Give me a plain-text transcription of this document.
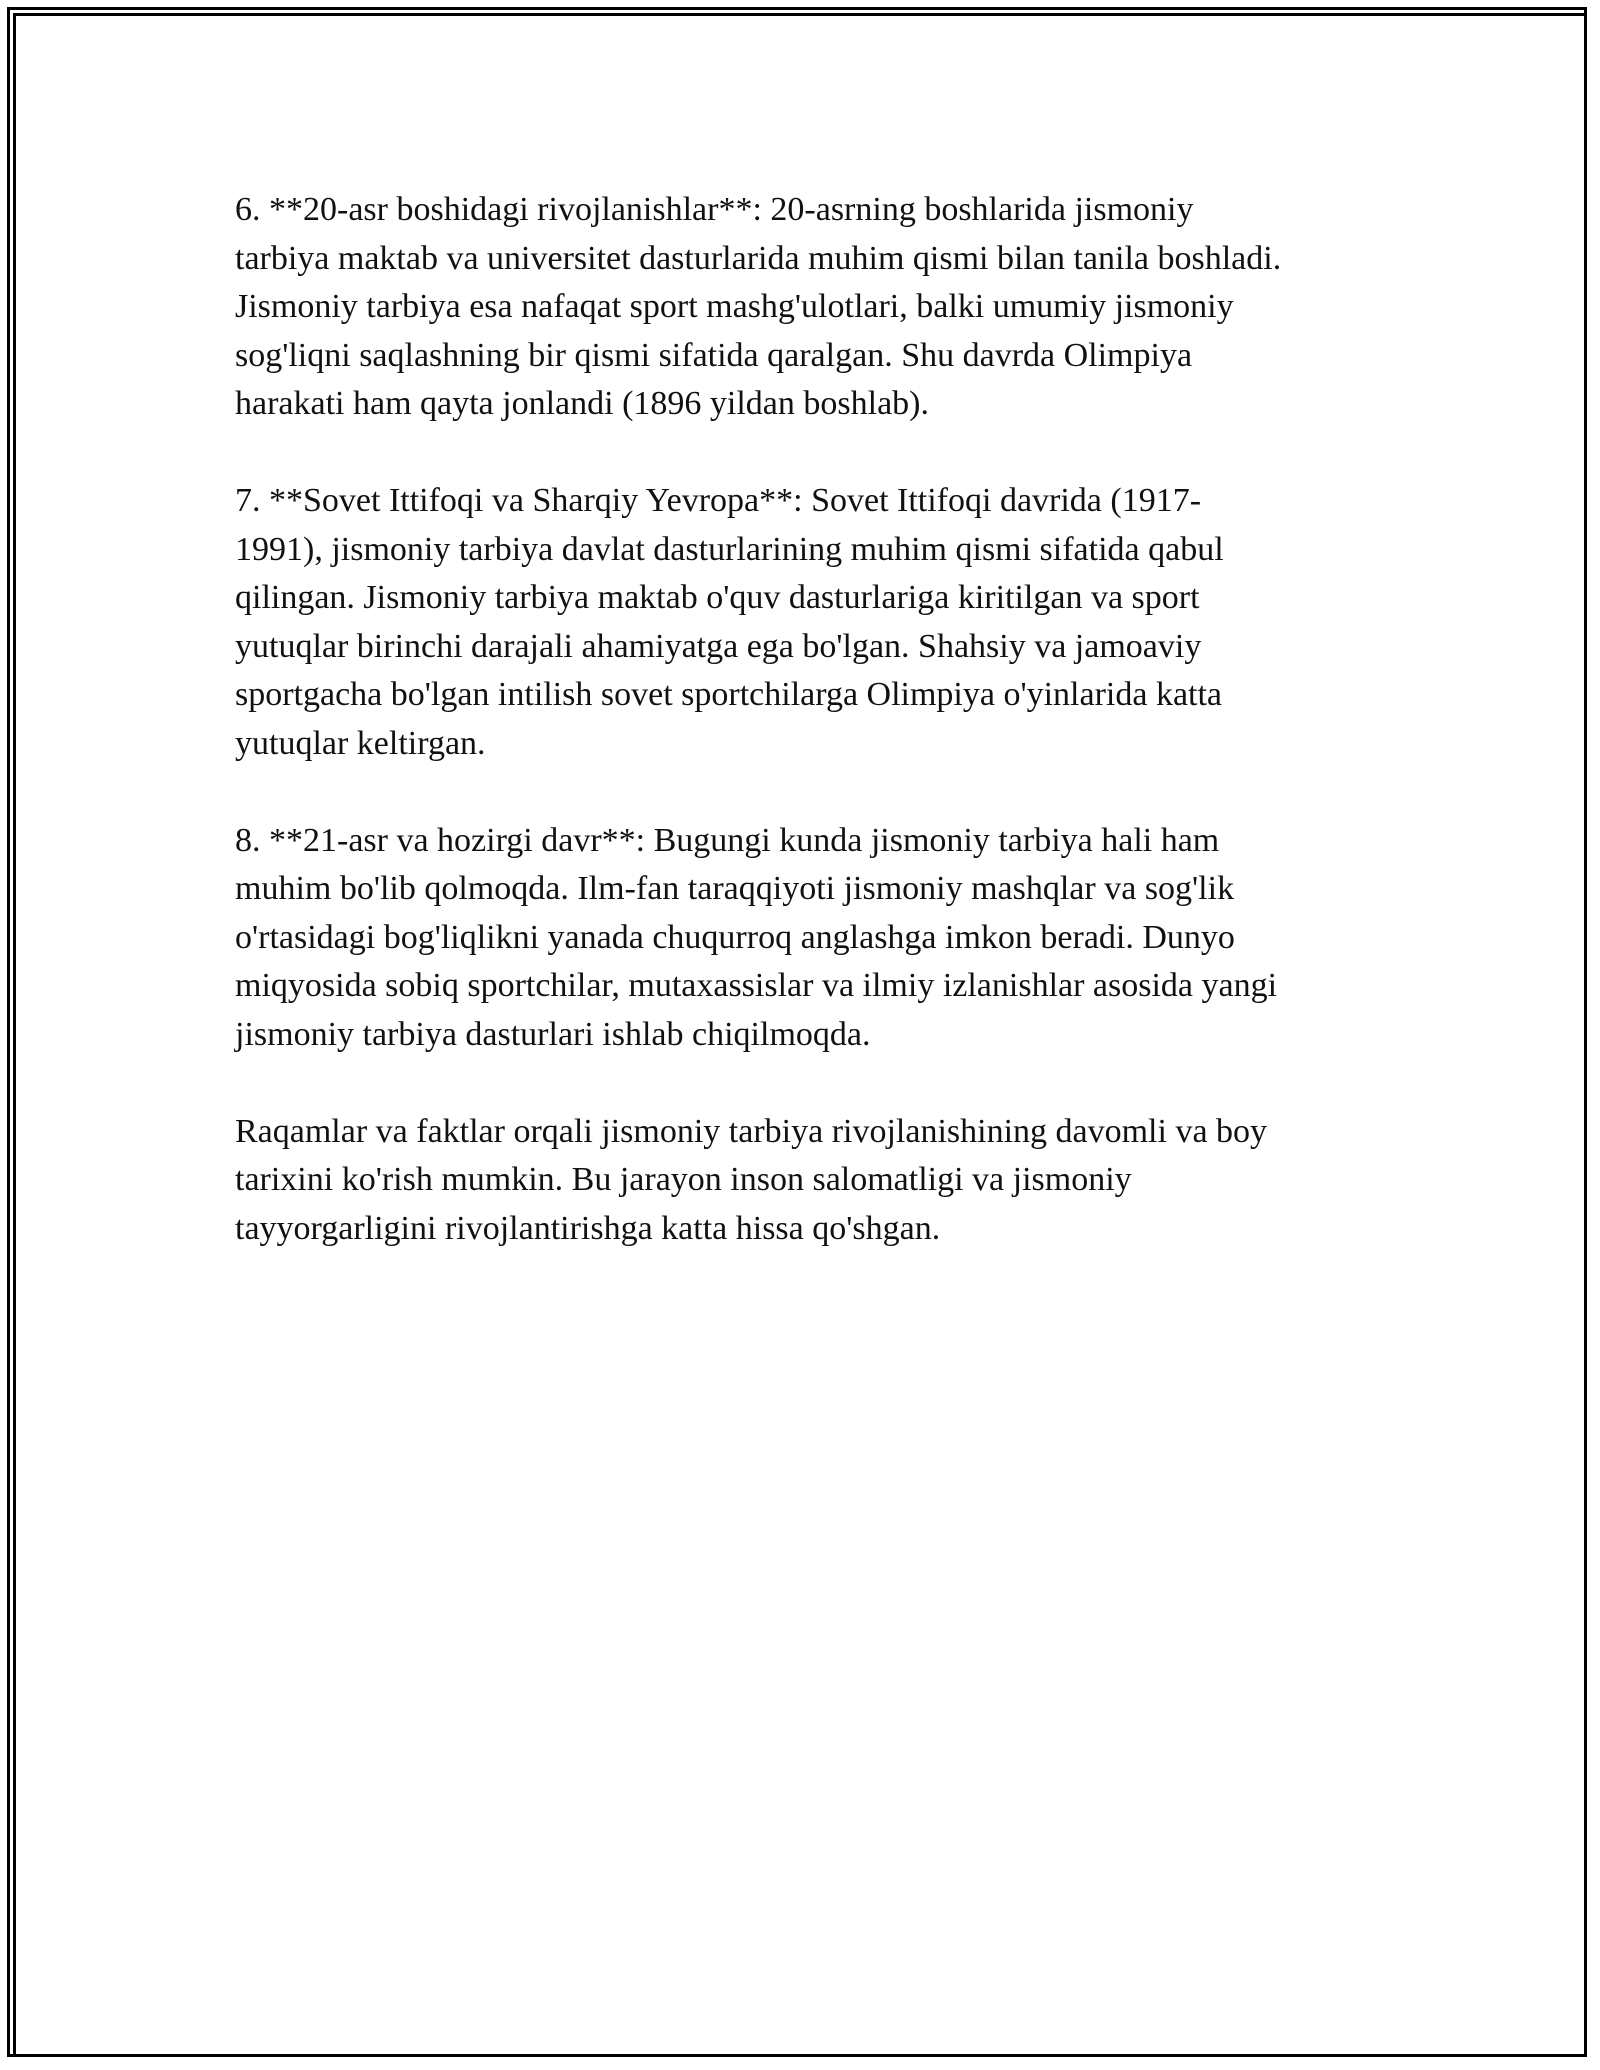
6. **20-asr boshidagi rivojlanishlar**: 20-asrning boshlarida jismoniy
tarbiya maktab va universitet dasturlarida muhim qismi bilan tanila boshladi.
Jismoniy tarbiya esa nafaqat sport mashg'ulotlari, balki umumiy jismoniy
sog'liqni saqlashning bir qismi sifatida qaralgan. Shu davrda Olimpiya
harakati ham qayta jonlandi (1896 yildan boshlab).

7. **Sovet Ittifoqi va Sharqiy Yevropa**: Sovet Ittifoqi davrida (1917-
1991), jismoniy tarbiya davlat dasturlarining muhim qismi sifatida qabul
qilingan. Jismoniy tarbiya maktab o'quv dasturlariga kiritilgan va sport
yutuqlar birinchi darajali ahamiyatga ega bo'lgan. Shahsiy va jamoaviy
sportgacha bo'lgan intilish sovet sportchilarga Olimpiya o'yinlarida katta
yutuqlar keltirgan.

8. **21-asr va hozirgi davr**: Bugungi kunda jismoniy tarbiya hali ham
muhim bo'lib qolmoqda. Ilm-fan taraqqiyoti jismoniy mashqlar va sog'lik
o'rtasidagi bog'liqlikni yanada chuqurroq anglashga imkon beradi. Dunyo
miqyosida sobiq sportchilar, mutaxassislar va ilmiy izlanishlar asosida yangi
jismoniy tarbiya dasturlari ishlab chiqilmoqda.

Raqamlar va faktlar orqali jismoniy tarbiya rivojlanishining davomli va boy
tarixini ko'rish mumkin. Bu jarayon inson salomatligi va jismoniy
tayyorgarligini rivojlantirishga katta hissa qo'shgan.
